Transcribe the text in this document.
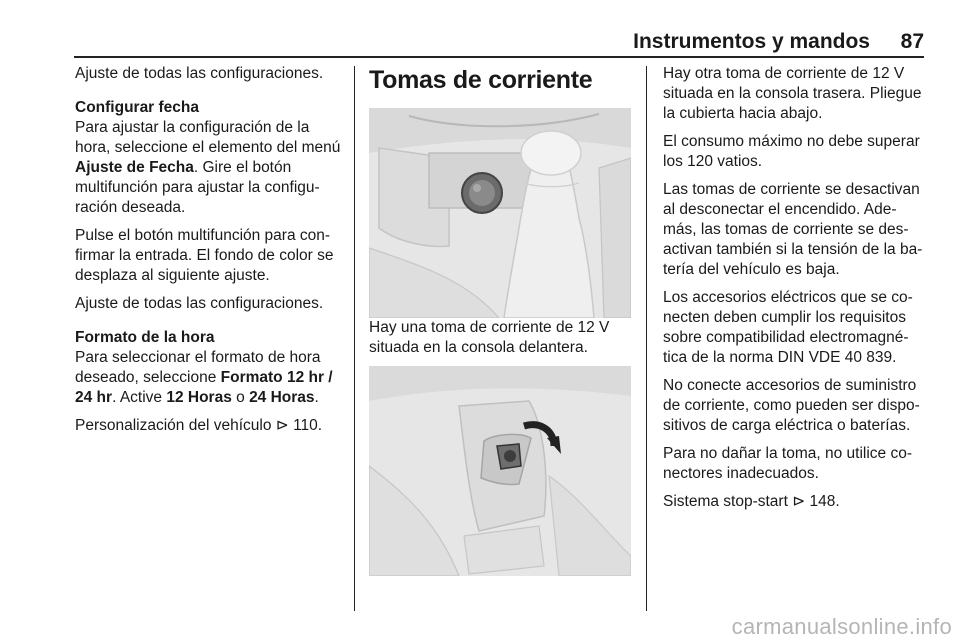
Instrumentos y mandos	87

Ajuste de todas las configuraciones.

Configurar fecha

Para ajustar la configuración de la hora, seleccione el elemento del menú Ajuste de Fecha. Gire el botón multifunción para ajustar la configu-ración deseada.

Pulse el botón multifunción para con-firmar la entrada. El fondo de color se desplaza al siguiente ajuste.

Ajuste de todas las configuraciones.

Formato de la hora

Para seleccionar el formato de hora deseado, seleccione Formato 12 hr / 24 hr. Active 12 Horas o 24 Horas.

Personalización del vehículo ⊳ 110.

Tomas de corriente

Hay una toma de corriente de 12 V situada en la consola delantera.

Hay otra toma de corriente de 12 V situada en la consola trasera. Pliegue la cubierta hacia abajo.

El consumo máximo no debe superar los 120 vatios.

Las tomas de corriente se desactivan al desconectar el encendido. Ade-más, las tomas de corriente se des-activan también si la tensión de la ba-tería del vehículo es baja.

Los accesorios eléctricos que se co-necten deben cumplir los requisitos sobre compatibilidad electromagné-tica de la norma DIN VDE 40 839.

No conecte accesorios de suministro de corriente, como pueden ser dispo-sitivos de carga eléctrica o baterías.

Para no dañar la toma, no utilice co-nectores inadecuados.

Sistema stop-start ⊳ 148.

carmanualsonline.info
